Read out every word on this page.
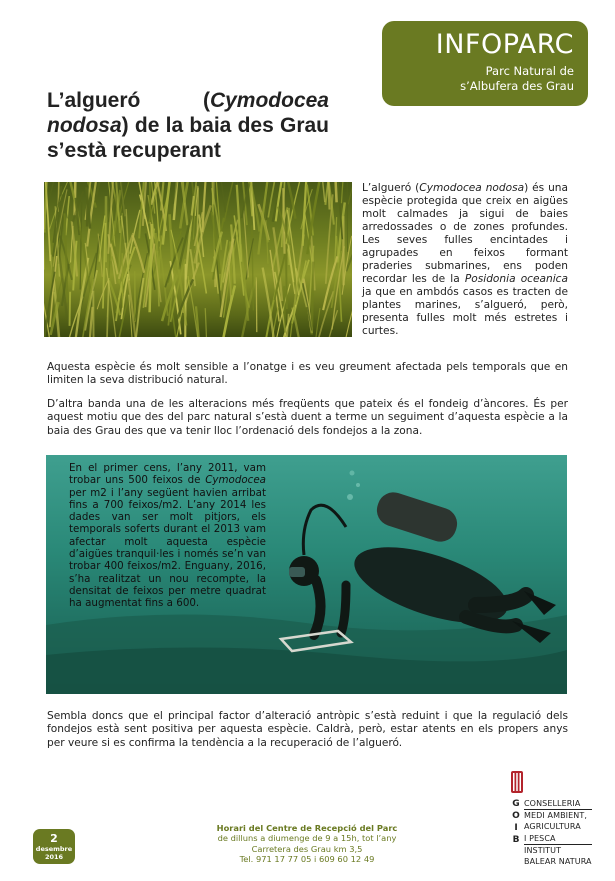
INFOPARC
Parc Natural de
s’Albufera des Grau
L’algueró (Cymodocea nodosa) de la baia des Grau s’està recuperant

L’algueró (Cymodocea nodosa) és una espècie protegida que creix en aigües molt calmades ja sigui de baies arredossades o de zones profundes. Les seves fulles encintades i agrupades en feixos formant praderies submarines, ens poden recordar les de la Posidonia oceanica ja que en ambdós casos es tracten de plantes marines, s’algueró, però, presenta fulles molt més estretes i curtes.

Aquesta espècie és molt sensible a l’onatge i es veu greument afectada pels temporals que en limiten la seva distribució natural.

D’altra banda una de les alteracions més freqüents que pateix és el fondeig d’àncores. És per aquest motiu que des del parc natural s’està duent a terme un seguiment d’aquesta espècie a la baia des Grau des que va tenir lloc l’ordenació dels fondejos a la zona.

En el primer cens, l’any 2011, vam trobar uns 500 feixos de Cymodocea per m2 i l’any següent havien arribat fins a 700 feixos/m2. L’any 2014 les dades van ser molt pitjors, els temporals soferts durant el 2013 vam afectar molt aquesta espècie d’aigües tranquil·les i només se’n van trobar 400 feixos/m2. Enguany, 2016, s’ha realitzat un nou recompte, la densitat de feixos per metre quadrat ha augmentat fins a 600.

Sembla doncs que el principal factor d’alteració antròpic s’està reduint i que la regulació dels fondejos està sent positiva per aquesta espècie. Caldrà, però, estar atents en els propers anys per veure si es confirma la tendència a la recuperació de l’algueró.

2
desembre
2016
Horari del Centre de Recepció del Parc
de dilluns a diumenge de 9 a 15h, tot l’any
Carretera des Grau km 3,5
Tel. 971 17 77 05 i 609 60 12 49
G
O
I
B
CONSELLERIA
MEDI AMBIENT,
AGRICULTURA
I PESCA
INSTITUT
BALEAR NATURA
